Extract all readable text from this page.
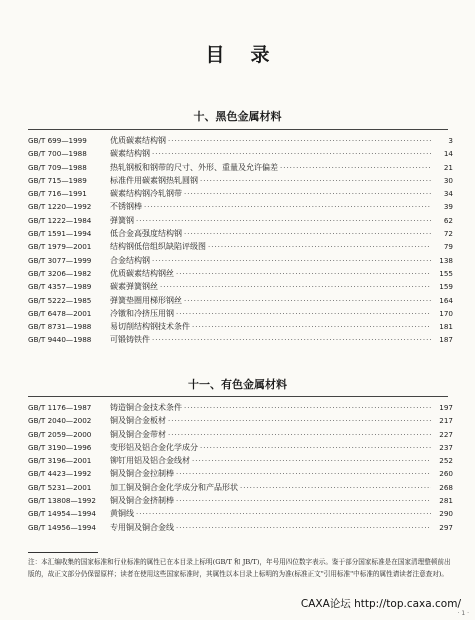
目录
十、黑色金属材料
GB/T 699—1999	优质碳素结构钢 ·····	3
GB/T 700—1988	碳素结构钢 ·····	14
GB/T 709—1988	热轧钢板和钢带的尺寸、外形、重量及允许偏差 ·····	21
GB/T 715—1989	标准件用碳素钢热轧圆钢 ·····	30
GB/T 716—1991	碳素结构钢冷轧钢带 ·····	34
GB/T 1220—1992	不锈钢棒 ·····	39
GB/T 1222—1984	弹簧钢 ·····	62
GB/T 1591—1994	低合金高强度结构钢 ·····	72
GB/T 1979—2001	结构钢低倍组织缺陷评级图 ·····	79
GB/T 3077—1999	合金结构钢 ·····	138
GB/T 3206—1982	优质碳素结构钢丝 ·····	155
GB/T 4357—1989	碳素弹簧钢丝 ·····	159
GB/T 5222—1985	弹簧垫圈用梯形钢丝 ·····	164
GB/T 6478—2001	冷镦和冷挤压用钢 ·····	170
GB/T 8731—1988	易切削结构钢技术条件 ·····	181
GB/T 9440—1988	可锻铸铁件 ·····	187
十一、有色金属材料
GB/T 1176—1987	铸造铜合金技术条件 ·····	197
GB/T 2040—2002	铜及铜合金板材 ·····	217
GB/T 2059—2000	铜及铜合金带材 ·····	227
GB/T 3190—1996	变形铝及铝合金化学成分 ·····	237
GB/T 3196—2001	铆钉用铝及铝合金线材 ·····	252
GB/T 4423—1992	铜及铜合金拉制棒 ·····	260
GB/T 5231—2001	加工铜及铜合金化学成分和产品形状 ·····	268
GB/T 13808—1992	铜及铜合金挤制棒 ·····	281
GB/T 14954—1994	黄铜线 ·····	290
GB/T 14956—1994	专用铜及铜合金线 ·····	297
注：本汇编收集的国家标准和行业标准的属性已在本目录上标明(GB/T 和 JB/T)，年号用四位数字表示。鉴于部分国家标准是在国家清理整顿前出版的，故正文部分仍保留原样；读者在使用这些国家标准时，其属性以本目录上标明的为准(标准正文"引用标准"中标准的属性请读者注意查对)。
CAXA论坛 http://top.caxa.com/
· 1 ·
